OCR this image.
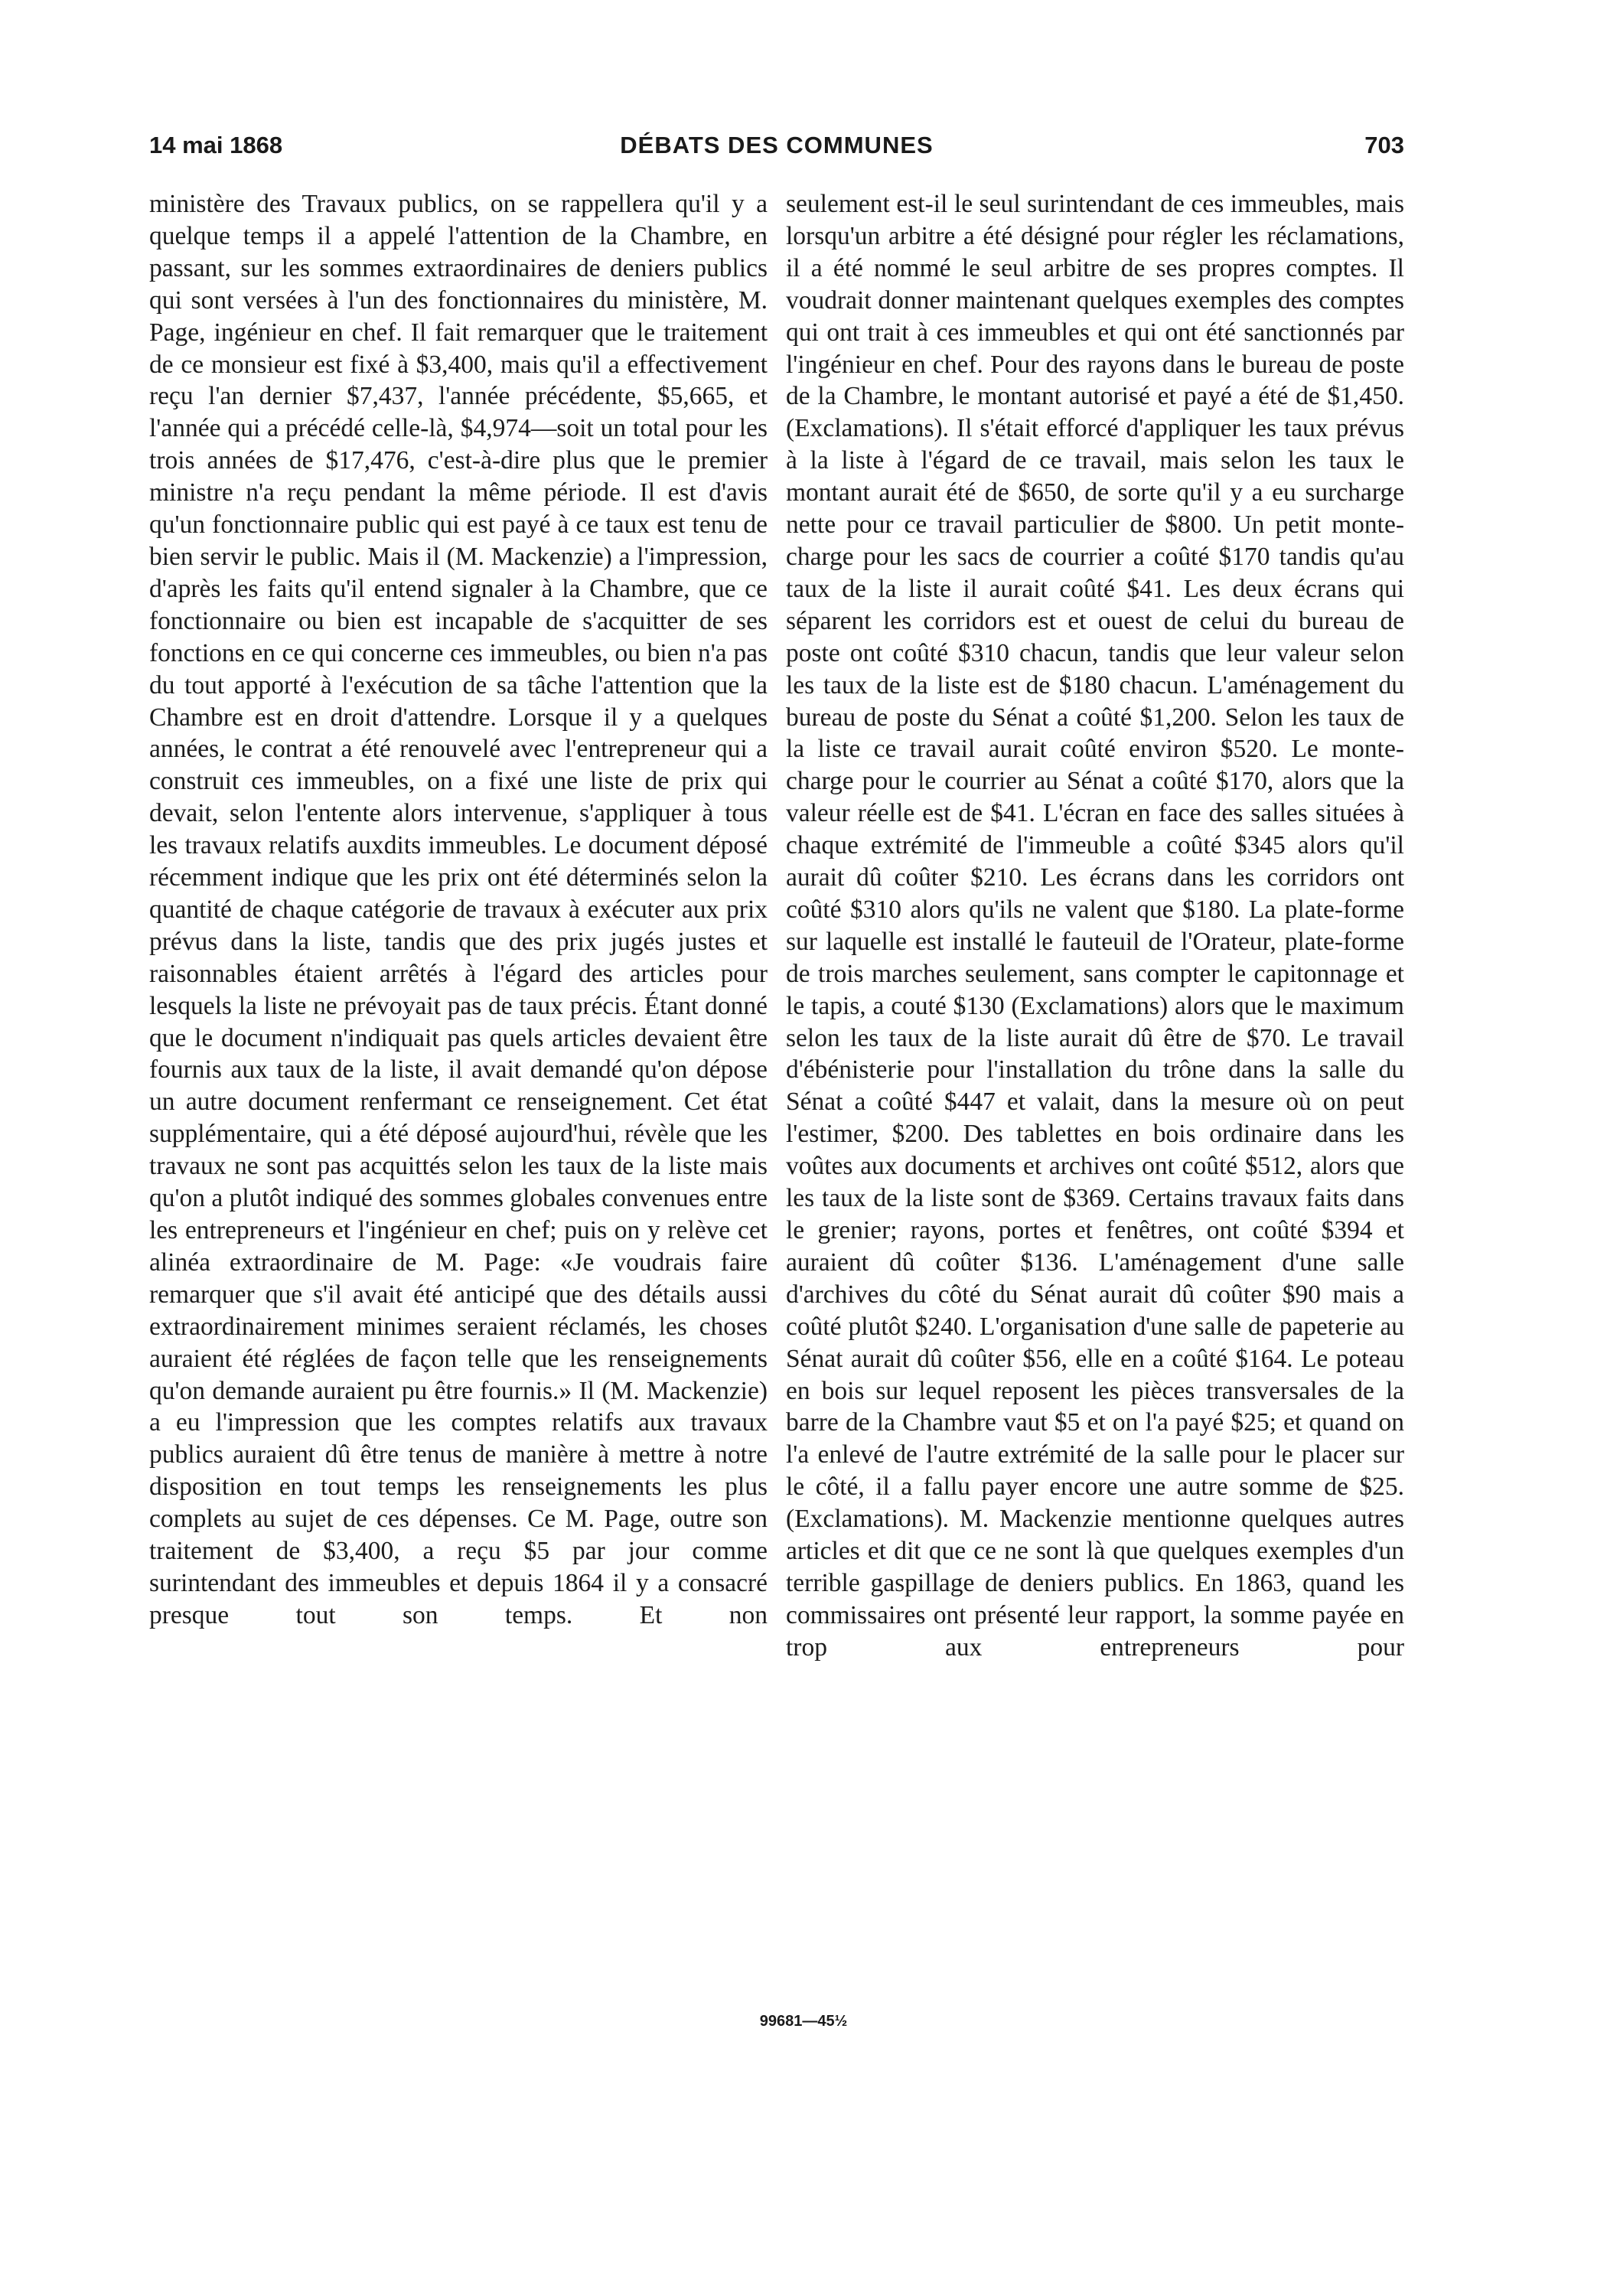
14 mai 1868	DÉBATS DES COMMUNES	703

ministère des Travaux publics, on se rappellera qu'il y a quelque temps il a appelé l'attention de la Chambre, en passant, sur les sommes extraordinaires de deniers publics qui sont versées à l'un des fonctionnaires du ministère, M. Page, ingénieur en chef. Il fait remarquer que le traitement de ce monsieur est fixé à $3,400, mais qu'il a effectivement reçu l'an dernier $7,437, l'année précédente, $5,665, et l'année qui a précédé celle-là, $4,974—soit un total pour les trois années de $17,476, c'est-à-dire plus que le premier ministre n'a reçu pendant la même période. Il est d'avis qu'un fonctionnaire public qui est payé à ce taux est tenu de bien servir le public. Mais il (M. Mackenzie) a l'impression, d'après les faits qu'il entend signaler à la Chambre, que ce fonctionnaire ou bien est incapable de s'acquitter de ses fonctions en ce qui concerne ces immeubles, ou bien n'a pas du tout apporté à l'exécution de sa tâche l'attention que la Chambre est en droit d'attendre. Lorsque il y a quelques années, le contrat a été renouvelé avec l'entrepreneur qui a construit ces immeubles, on a fixé une liste de prix qui devait, selon l'entente alors intervenue, s'appliquer à tous les travaux relatifs auxdits immeubles. Le document déposé récemment indique que les prix ont été déterminés selon la quantité de chaque catégorie de travaux à exécuter aux prix prévus dans la liste, tandis que des prix jugés justes et raisonnables étaient arrêtés à l'égard des articles pour lesquels la liste ne prévoyait pas de taux précis. Étant donné que le document n'indiquait pas quels articles devaient être fournis aux taux de la liste, il avait demandé qu'on dépose un autre document renfermant ce renseignement. Cet état supplémentaire, qui a été déposé aujourd'hui, révèle que les travaux ne sont pas acquittés selon les taux de la liste mais qu'on a plutôt indiqué des sommes globales convenues entre les entrepreneurs et l'ingénieur en chef; puis on y relève cet alinéa extraordinaire de M. Page: «Je voudrais faire remarquer que s'il avait été anticipé que des détails aussi extraordinairement minimes seraient réclamés, les choses auraient été réglées de façon telle que les renseignements qu'on demande auraient pu être fournis.» Il (M. Mackenzie) a eu l'impression que les comptes relatifs aux travaux publics auraient dû être tenus de manière à mettre à notre disposition en tout temps les renseignements les plus complets au sujet de ces dépenses. Ce M. Page, outre son traitement de $3,400, a reçu $5 par jour comme surintendant des immeubles et depuis 1864 il y a consacré presque tout son temps. Et non

seulement est-il le seul surintendant de ces immeubles, mais lorsqu'un arbitre a été désigné pour régler les réclamations, il a été nommé le seul arbitre de ses propres comptes. Il voudrait donner maintenant quelques exemples des comptes qui ont trait à ces immeubles et qui ont été sanctionnés par l'ingénieur en chef. Pour des rayons dans le bureau de poste de la Chambre, le montant autorisé et payé a été de $1,450. (Exclamations). Il s'était efforcé d'appliquer les taux prévus à la liste à l'égard de ce travail, mais selon les taux le montant aurait été de $650, de sorte qu'il y a eu surcharge nette pour ce travail particulier de $800. Un petit monte-charge pour les sacs de courrier a coûté $170 tandis qu'au taux de la liste il aurait coûté $41. Les deux écrans qui séparent les corridors est et ouest de celui du bureau de poste ont coûté $310 chacun, tandis que leur valeur selon les taux de la liste est de $180 chacun. L'aménagement du bureau de poste du Sénat a coûté $1,200. Selon les taux de la liste ce travail aurait coûté environ $520. Le monte-charge pour le courrier au Sénat a coûté $170, alors que la valeur réelle est de $41. L'écran en face des salles situées à chaque extrémité de l'immeuble a coûté $345 alors qu'il aurait dû coûter $210. Les écrans dans les corridors ont coûté $310 alors qu'ils ne valent que $180. La plate-forme sur laquelle est installé le fauteuil de l'Orateur, plate-forme de trois marches seulement, sans compter le capitonnage et le tapis, a couté $130 (Exclamations) alors que le maximum selon les taux de la liste aurait dû être de $70. Le travail d'ébénisterie pour l'installation du trône dans la salle du Sénat a coûté $447 et valait, dans la mesure où on peut l'estimer, $200. Des tablettes en bois ordinaire dans les voûtes aux documents et archives ont coûté $512, alors que les taux de la liste sont de $369. Certains travaux faits dans le grenier; rayons, portes et fenêtres, ont coûté $394 et auraient dû coûter $136. L'aménagement d'une salle d'archives du côté du Sénat aurait dû coûter $90 mais a coûté plutôt $240. L'organisation d'une salle de papeterie au Sénat aurait dû coûter $56, elle en a coûté $164. Le poteau en bois sur lequel reposent les pièces transversales de la barre de la Chambre vaut $5 et on l'a payé $25; et quand on l'a enlevé de l'autre extrémité de la salle pour le placer sur le côté, il a fallu payer encore une autre somme de $25. (Exclamations). M. Mackenzie mentionne quelques autres articles et dit que ce ne sont là que quelques exemples d'un terrible gaspillage de deniers publics. En 1863, quand les commissaires ont présenté leur rapport, la somme payée en trop aux entrepreneurs pour

99681—45½
